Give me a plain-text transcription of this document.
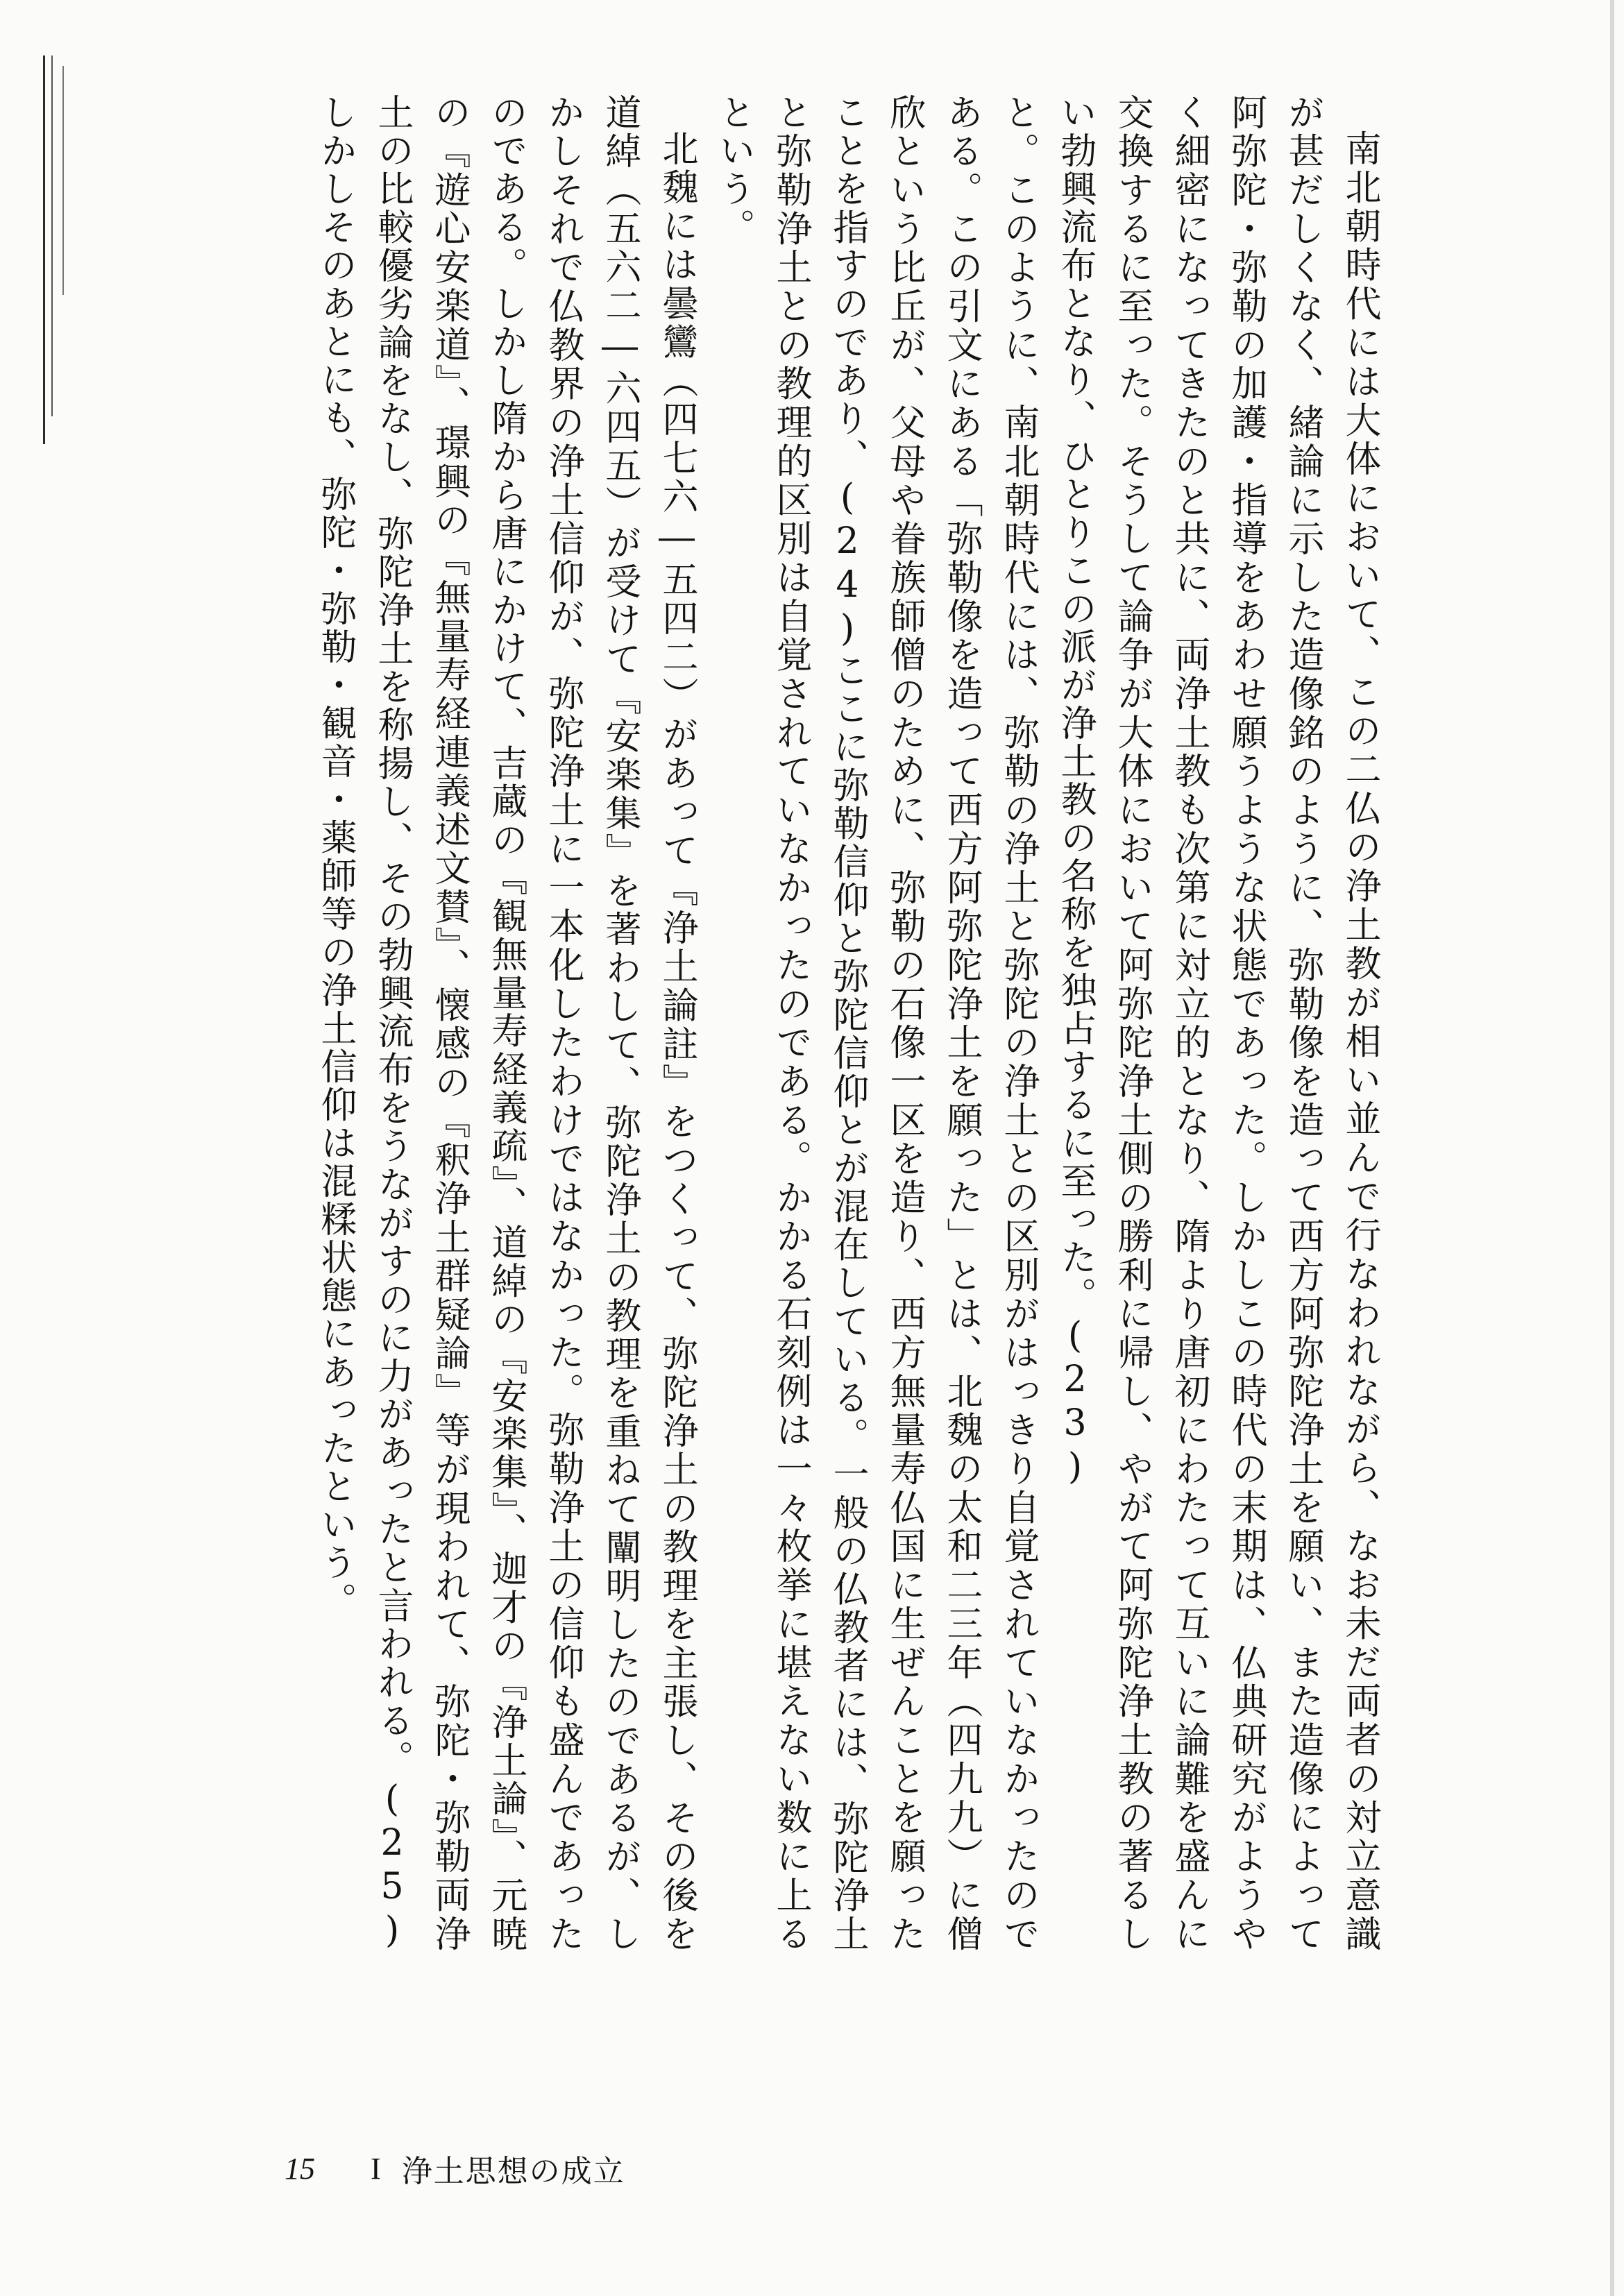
南北朝時代には大体において、この二仏の浄土教が相い並んで行なわれながら、なお未だ両者の対立意識が甚だしくなく、緒論に示した造像銘のように、弥勒像を造って西方阿弥陀浄土を願い、また造像によって阿弥陀・弥勒の加護・指導をあわせ願うような状態であった。しかしこの時代の末期は、仏典研究がようやく細密になってきたのと共に、両浄土教も次第に対立的となり、隋より唐初にわたって互いに論難を盛んに交換するに至った。そうして論争が大体において阿弥陀浄土側の勝利に帰し、やがて阿弥陀浄土教の著るしい勃興流布となり、ひとりこの派が浄土教の名称を独占するに至った。(23)

と。このように、南北朝時代には、弥勒の浄土と弥陀の浄土との区別がはっきり自覚されていなかったのである。この引文にある「弥勒像を造って西方阿弥陀浄土を願った」とは、北魏の太和二三年（四九九）に僧欣という比丘が、父母や眷族師僧のために、弥勒の石像一区を造り、西方無量寿仏国に生ぜんことを願ったことを指すのであり、(24)ここに弥勒信仰と弥陀信仰とが混在している。一般の仏教者には、弥陀浄土と弥勒浄土との教理的区別は自覚されていなかったのである。かかる石刻例は一々枚挙に堪えない数に上るという。

北魏には曇鸞（四七六―五四二）があって『浄土論註』をつくって、弥陀浄土の教理を主張し、その後を道綽（五六二―六四五）が受けて『安楽集』を著わして、弥陀浄土の教理を重ねて闡明したのであるが、しかしそれで仏教界の浄土信仰が、弥陀浄土に一本化したわけではなかった。弥勒浄土の信仰も盛んであったのである。しかし隋から唐にかけて、吉蔵の『観無量寿経義疏』、道綽の『安楽集』、迦才の『浄土論』、元暁の『遊心安楽道』、璟興の『無量寿経連義述文賛』、懐感の『釈浄土群疑論』等が現われて、弥陀・弥勒両浄土の比較優劣論をなし、弥陀浄土を称揚し、その勃興流布をうながすのに力があったと言われる。(25)しかしそのあとにも、弥陀・弥勒・観音・薬師等の浄土信仰は混糅状態にあったという。

15 I 浄土思想の成立
